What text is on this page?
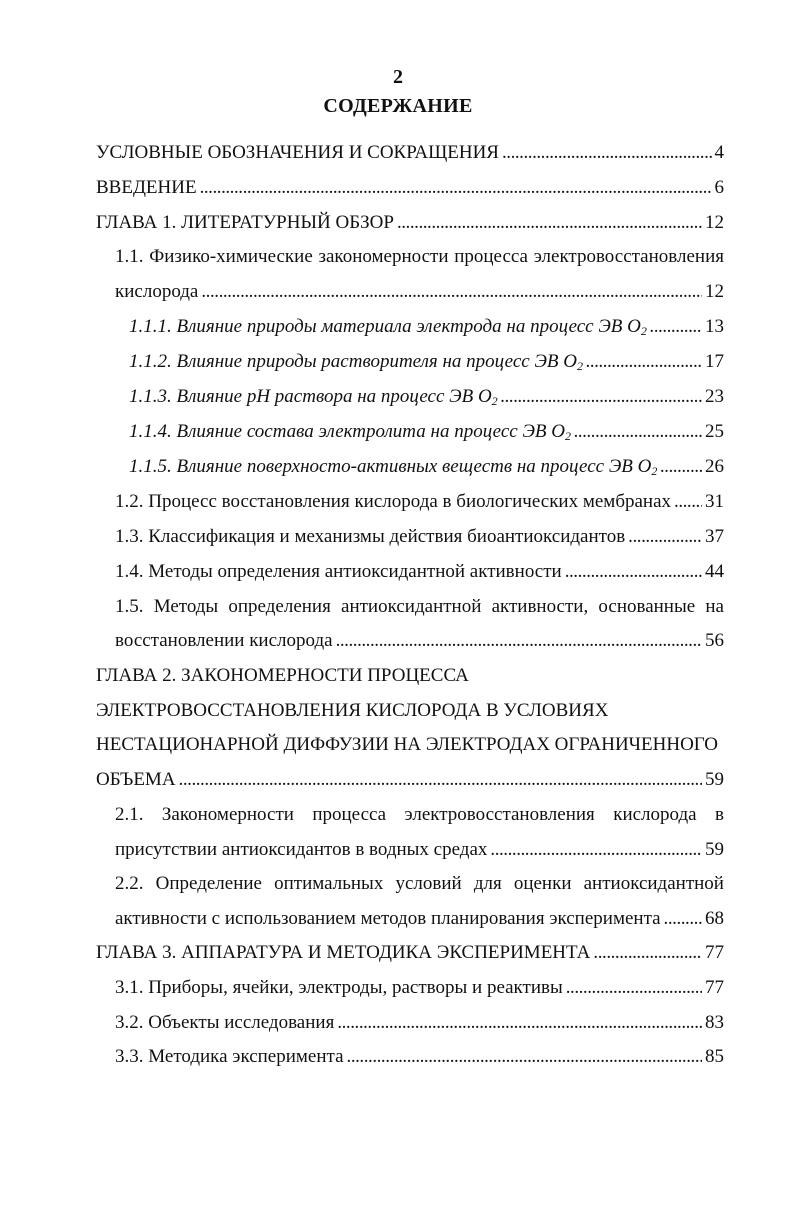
2
СОДЕРЖАНИЕ
УСЛОВНЫЕ ОБОЗНАЧЕНИЯ И СОКРАЩЕНИЯ . . .	4
ВВЕДЕНИЕ . . .	6
ГЛАВА 1. ЛИТЕРАТУРНЫЙ ОБЗОР . . .	12
1.1. Физико-химические закономерности процесса электровосстановления
кислорода . . .	12
1.1.1. Влияние природы материала электрода на процесс ЭВ $O_2$ . . .	13
1.1.2. Влияние природы растворителя на процесс ЭВ $O_2$ . . .	17
1.1.3. Влияние pH раствора на процесс ЭВ $O_2$ . . .	23
1.1.4. Влияние состава электролита на процесс ЭВ $O_2$ . . .	25
1.1.5. Влияние поверхносто-активных веществ на процесс ЭВ $O_2$ . . .	26
1.2. Процесс восстановления кислорода в биологических мембранах . . . 31
1.3. Классификация и механизмы действия биоантиоксидантов . . .	37
1.4. Методы определения антиоксидантной активности . . .	44
1.5. Методы определения антиоксидантной активности, основанные на
восстановлении кислорода . . .	56
ГЛАВА 2. ЗАКОНОМЕРНОСТИ ПРОЦЕССА
ЭЛЕКТРОВОССТАНОВЛЕНИЯ КИСЛОРОДА В УСЛОВИЯХ
НЕСТАЦИОНАРНОЙ ДИФФУЗИИ НА ЭЛЕКТРОДАХ ОГРАНИЧЕННОГО
ОБЪЕМА . . .	59
2.1. Закономерности процесса электровосстановления кислорода в
присутствии антиоксидантов в водных средах . . .	59
2.2. Определение оптимальных условий для оценки антиоксидантной
активности с использованием методов планирования эксперимента . . . 68
ГЛАВА 3. АППАРАТУРА И МЕТОДИКА ЭКСПЕРИМЕНТА . . .	77
3.1. Приборы, ячейки, электроды, растворы и реактивы . . .	77
3.2. Объекты исследования . . .	83
3.3. Методика эксперимента . . .	85
